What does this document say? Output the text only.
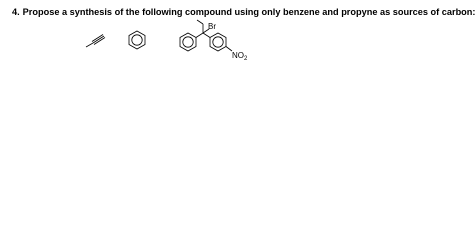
4. Propose a synthesis of the following compound using only benzene and propyne as sources of carbon:
Br
$NO_2$
